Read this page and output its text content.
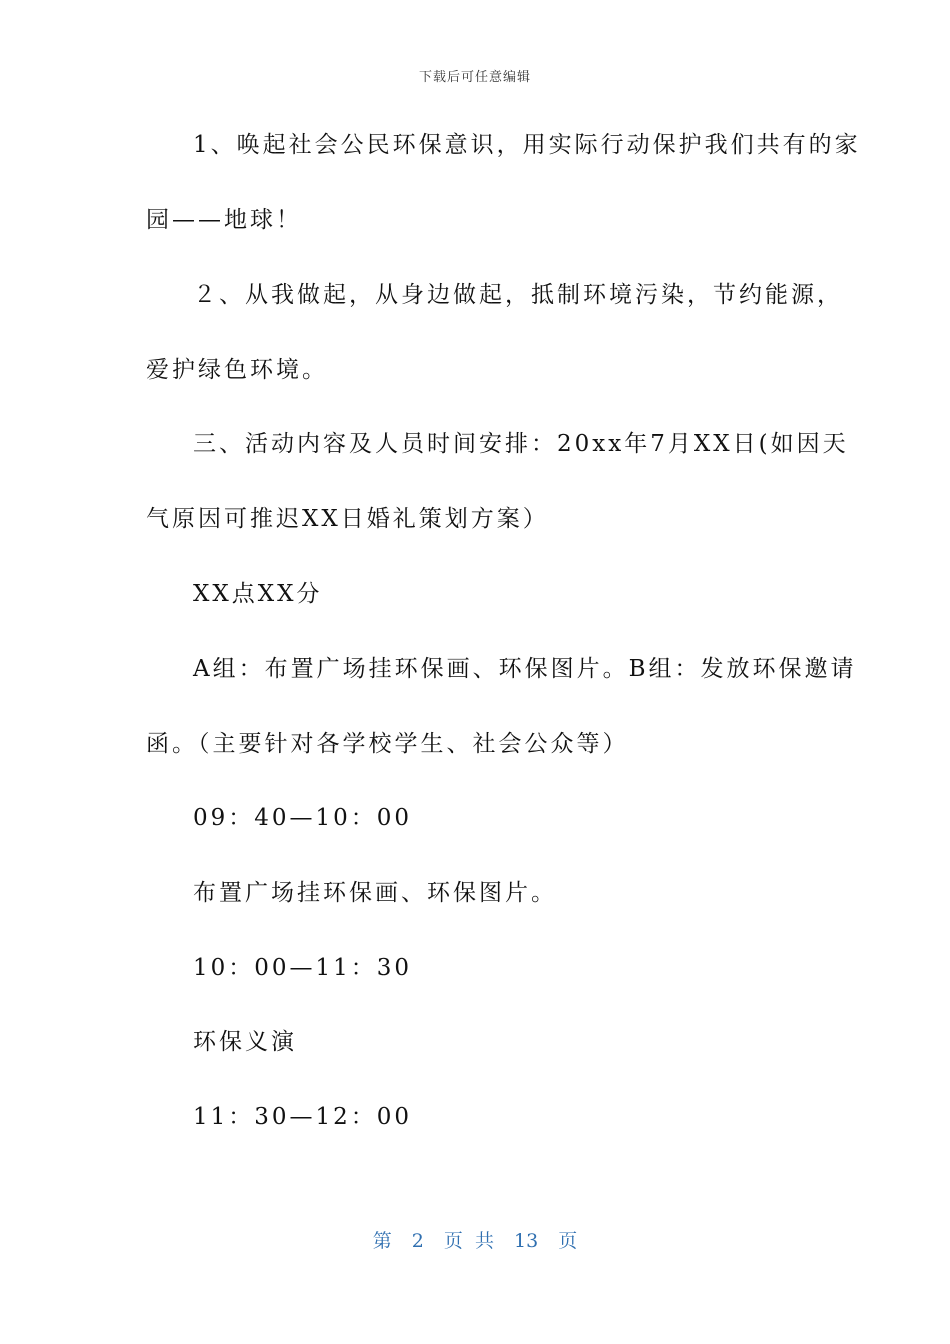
下载后可任意编辑
1、唤起社会公民环保意识，用实际行动保护我们共有的家
园——地球！
２、从我做起，从身边做起，抵制环境污染，节约能源，
爱护绿色环境。
三、活动内容及人员时间安排：20xx年7月XX日(如因天
气原因可推迟XX日婚礼策划方案）
XX点XX分
A组：布置广场挂环保画、环保图片。B组：发放环保邀请
函。（主要针对各学校学生、社会公众等）
09：40—10：00
布置广场挂环保画、环保图片。
10：00—11：30
环保义演
11：30—12：00
第 2 页 共 13 页
